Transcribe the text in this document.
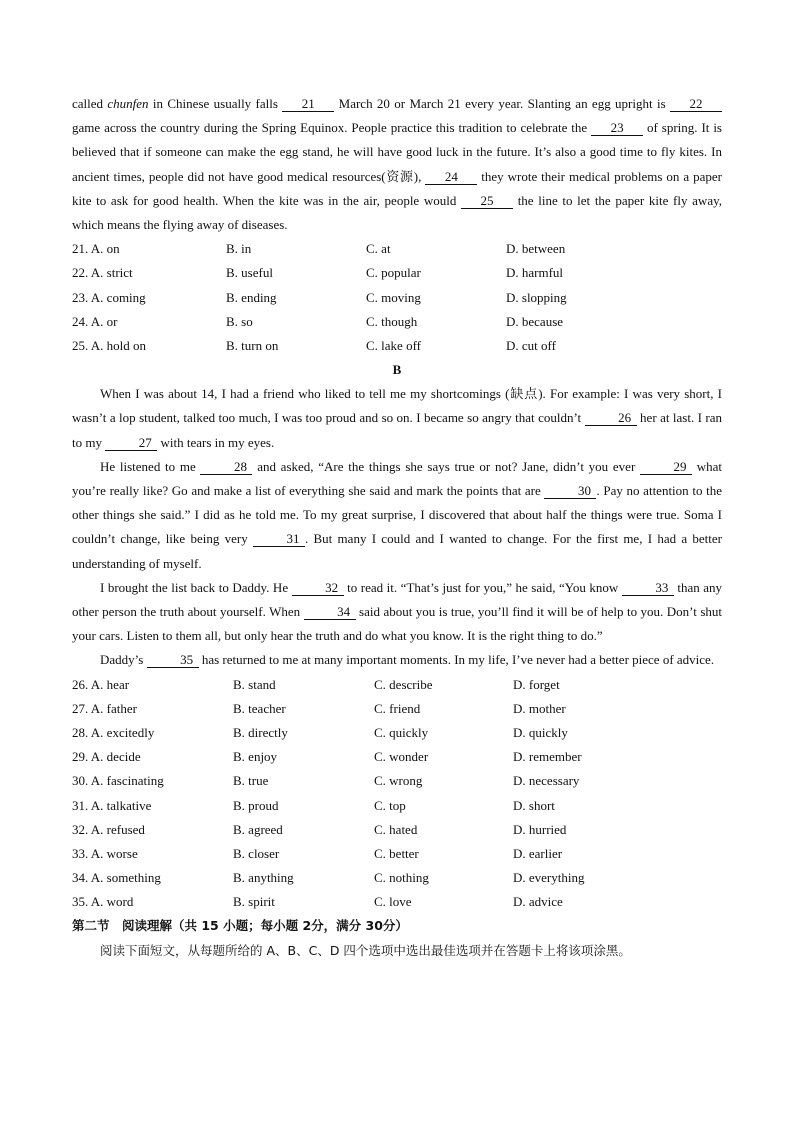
called chunfen in Chinese usually falls 21 March 20 or March 21 every year. Slanting an egg upright is 22 game across the country during the Spring Equinox. People practice this tradition to celebrate the 23 of spring. It is believed that if someone can make the egg stand, he will have good luck in the future. It’s also a good time to fly kites. In ancient times, people did not have good medical resources(资源), 24 they wrote their medical problems on a paper kite to ask for good health. When the kite was in the air, people would 25 the line to let the paper kite fly away, which means the flying away of diseases.

21. A. on	B. in	C. at	D. between
22. A. strict	B. useful	C. popular	D. harmful
23. A. coming	B. ending	C. moving	D. slopping
24. A. or	B. so	C. though	D. because
25. A. hold on	B. turn on	C. lake off	D. cut off
B

When I was about 14, I had a friend who liked to tell me my shortcomings (缺点). For example: I was very short, I wasn’t a lop student, talked too much, I was too proud and so on. I became so angry that couldn’t	26 her at last. I ran to my	27 with tears in my eyes.

He listened to me	28 and asked, “Are the things she says true or not? Jane, didn’t you ever	29 what you’re really like? Go and make a list of everything she said and mark the points that are	30 . Pay no attention to the other things she said.” I did as he told me. To my great surprise, I discovered that about half the things were true. Soma I couldn’t change, like being very	31 . But many I could and I wanted to change. For the first me, I had a better understanding of myself.

I brought the list back to Daddy. He	32 to read it. “That’s just for you,” he said, “You know	33 than any other person the truth about yourself. When	34 said about you is true, you’ll find it will be of help to you. Don’t shut your cars. Listen to them all, but only hear the truth and do what you know. It is the right thing to do.”

Daddy’s	35 has returned to me at many important moments. In my life, I’ve never had a better piece of advice.

26. A. hear	B. stand	C. describe	D. forget
27. A. father	B. teacher	C. friend	D. mother
28. A. excitedly	B. directly	C. quickly	D. quickly
29. A. decide	B. enjoy	C. wonder	D. remember
30. A. fascinating	B. true	C. wrong	D. necessary
31. A. talkative	B. proud	C. top	D. short
32. A. refused	B. agreed	C. hated	D. hurried
33. A. worse	B. closer	C. better	D. earlier
34. A. something	B. anything	C. nothing	D. everything
35. A. word	B. spirit	C. love	D. advice
第二节　阅读理解（共 15 小题；每小题 2分，满分 30分）
阅读下面短文，从每题所给的 A、B、C、D 四个选项中选出最佳选项并在答题卡上将该项涂黑。
